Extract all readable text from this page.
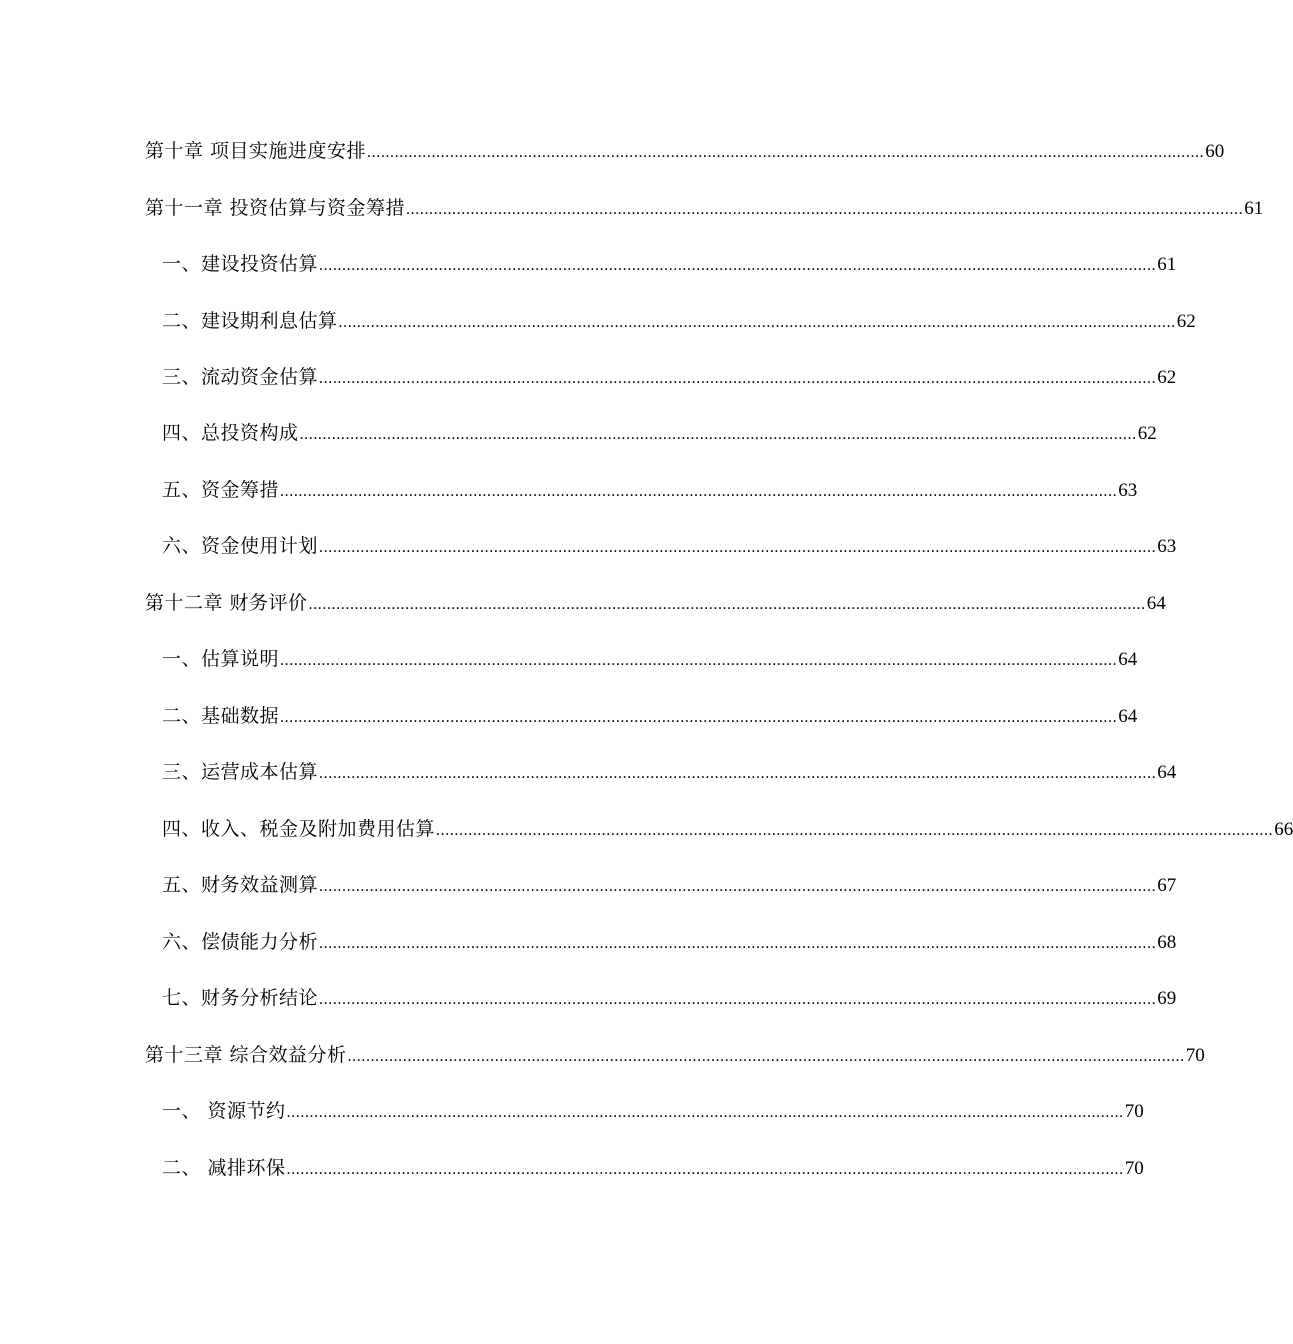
第十章 项目实施进度安排 ...................................................................................................................................................................................... 60
第十一章 投资估算与资金筹措 ...................................................................................................................................................................................... 61
一、建设投资估算 ...................................................................................................................................................................................... 61
二、建设期利息估算 ...................................................................................................................................................................................... 62
三、流动资金估算 ...................................................................................................................................................................................... 62
四、总投资构成 ...................................................................................................................................................................................... 62
五、资金筹措 ...................................................................................................................................................................................... 63
六、资金使用计划 ...................................................................................................................................................................................... 63
第十二章 财务评价 ...................................................................................................................................................................................... 64
一、估算说明 ...................................................................................................................................................................................... 64
二、基础数据 ...................................................................................................................................................................................... 64
三、运营成本估算 ...................................................................................................................................................................................... 64
四、收入、税金及附加费用估算 ...................................................................................................................................................................................... 66
五、财务效益测算 ...................................................................................................................................................................................... 67
六、偿债能力分析 ...................................................................................................................................................................................... 68
七、财务分析结论 ...................................................................................................................................................................................... 69
第十三章 综合效益分析 ...................................................................................................................................................................................... 70
一、 资源节约 ...................................................................................................................................................................................... 70
二、 减排环保 ...................................................................................................................................................................................... 70
